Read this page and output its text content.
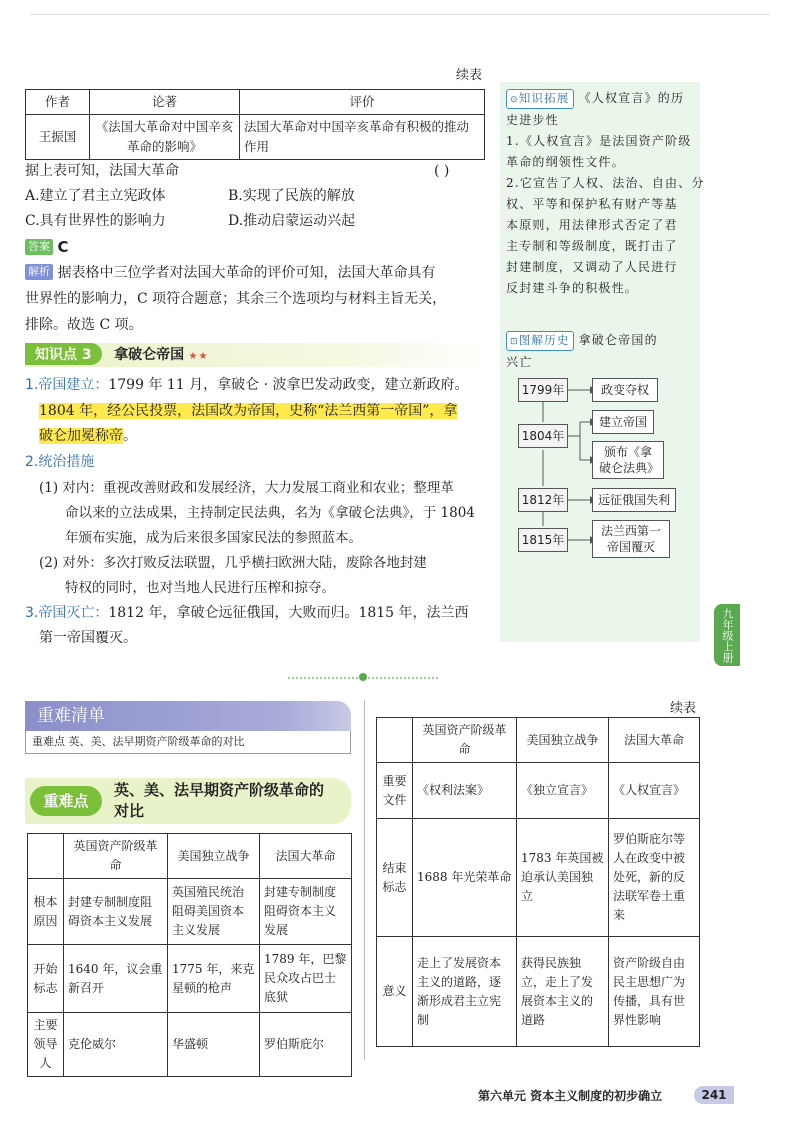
续表
作者	论著	评价
王振国	《法国大革命对中国辛亥革命的影响》	法国大革命对中国辛亥革命有积极的推动作用
据上表可知，法国大革命	( )
A.建立了君主立宪政体	B.实现了民族的解放
C.具有世界性的影响力	D.推动启蒙运动兴起
答案 C
解析 据表格中三位学者对法国大革命的评价可知，法国大革命具有
世界性的影响力，C 项符合题意；其余三个选项均与材料主旨无关，
排除。故选 C 项。
知识点 3 拿破仑帝国 ★★
1.帝国建立：1799 年 11 月，拿破仑 · 波拿巴发动政变，建立新政府。
1804 年，经公民投票，法国改为帝国，史称“法兰西第一帝国”，拿
破仑加冕称帝。
2.统治措施
(1) 对内：重视改善财政和发展经济，大力发展工商业和农业；整理革
命以来的立法成果，主持制定民法典，名为《拿破仑法典》，于 1804
年颁布实施，成为后来很多国家民法的参照蓝本。
(2) 对外：多次打败反法联盟，几乎横扫欧洲大陆，废除各地封建
特权的同时，也对当地人民进行压榨和掠夺。
3.帝国灭亡：1812 年，拿破仑远征俄国，大败而归。1815 年，法兰西
第一帝国覆灭。
⊙知识拓展 《人权宣言》的历
史进步性
1.《人权宣言》是法国资产阶级
革命的纲领性文件。
2.它宣告了人权、法治、自由、分
权、平等和保护私有财产等基
本原则，用法律形式否定了君
主专制和等级制度，既打击了
封建制度，又调动了人民进行
反封建斗争的积极性。
⊡图解历史 拿破仑帝国的
兴亡
1799年	政变夺权
1804年
建立帝国
颁布《拿破仑法典》
1812年	远征俄国失利
1815年
法兰西第一帝国覆灭
九年级上册
重难清单
重难点 英、美、法早期资产阶级革命的对比
重难点
英、美、法早期资产阶级革命的
对比
	英国资产阶级革命	美国独立战争	法国大革命
根本原因	封建专制制度阻碍资本主义发展	英国殖民统治阻碍美国资本主义发展	封建专制制度阻碍资本主义发展
开始标志	1640 年，议会重新召开	1775 年，来克星顿的枪声	1789 年，巴黎民众攻占巴士底狱
主要领导人	克伦威尔	华盛顿	罗伯斯庇尔
续表
	英国资产阶级革命	美国独立战争	法国大革命
重要文件	《权利法案》	《独立宣言》	《人权宣言》
结束标志	1688 年光荣革命	1783 年英国被迫承认美国独立	罗伯斯庇尔等人在政变中被处死，新的反法联军卷土重来
意义	走上了发展资本主义的道路，逐渐形成君主立宪制	获得民族独立，走上了发展资本主义的道路	资产阶级自由民主思想广为传播，具有世界性影响
第六单元 资本主义制度的初步确立	241
